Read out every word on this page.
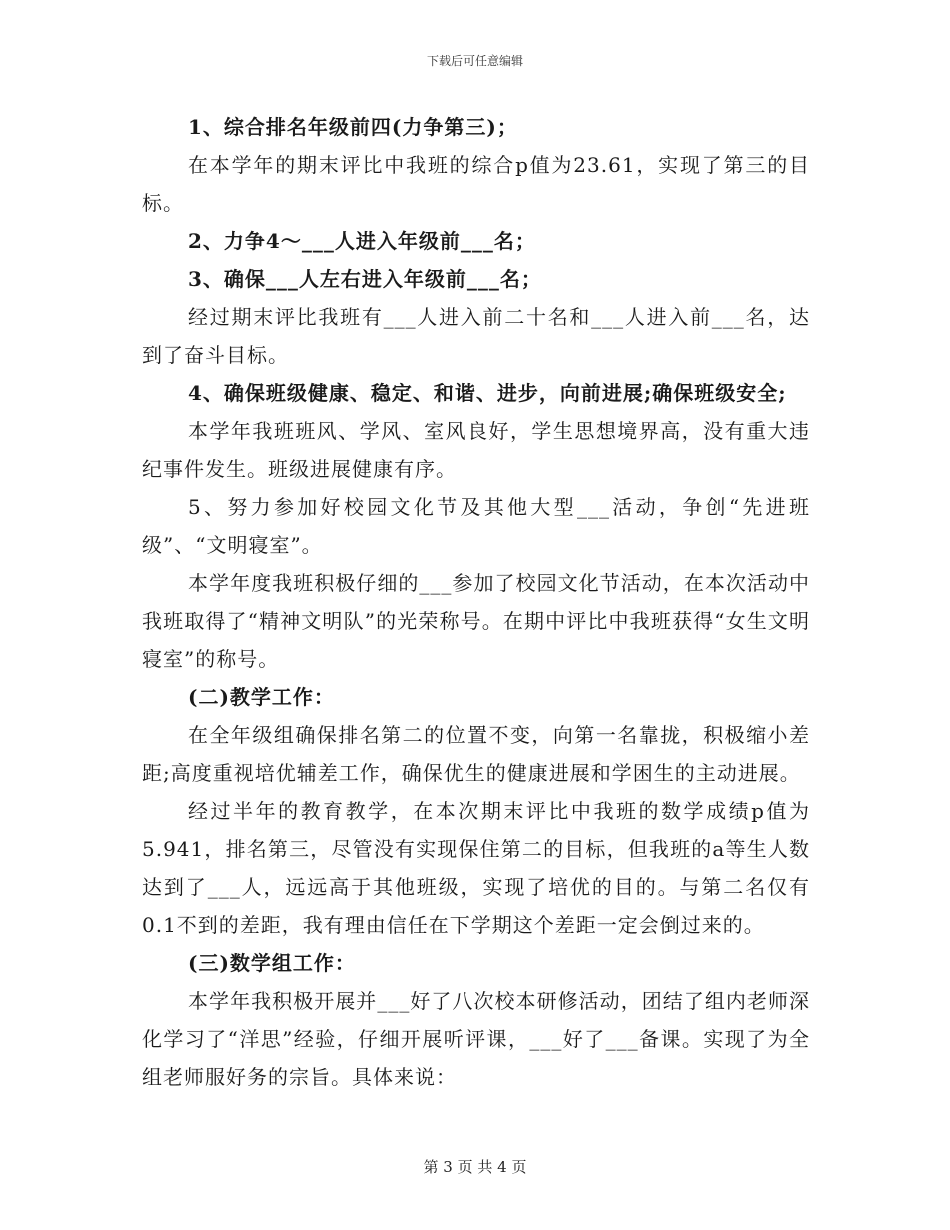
下载后可任意编辑

1、综合排名年级前四(力争第三)；

在本学年的期末评比中我班的综合p值为23.61，实现了第三的目标。

2、力争4～___人进入年级前___名；

3、确保___人左右进入年级前___名；

经过期末评比我班有___人进入前二十名和___人进入前___名，达到了奋斗目标。

4、确保班级健康、稳定、和谐、进步，向前进展;确保班级安全;

本学年我班班风、学风、室风良好，学生思想境界高，没有重大违纪事件发生。班级进展健康有序。

5、努力参加好校园文化节及其他大型___活动，争创“先进班级”、“文明寝室”。

本学年度我班积极仔细的___参加了校园文化节活动，在本次活动中我班取得了“精神文明队”的光荣称号。在期中评比中我班获得“女生文明寝室”的称号。

(二)教学工作：

在全年级组确保排名第二的位置不变，向第一名靠拢，积极缩小差距;高度重视培优辅差工作，确保优生的健康进展和学困生的主动进展。

经过半年的教育教学，在本次期末评比中我班的数学成绩p值为5.941，排名第三，尽管没有实现保住第二的目标，但我班的a等生人数达到了___人，远远高于其他班级，实现了培优的目的。与第二名仅有0.1不到的差距，我有理由信任在下学期这个差距一定会倒过来的。

(三)数学组工作：

本学年我积极开展并___好了八次校本研修活动，团结了组内老师深化学习了“洋思”经验，仔细开展听评课，___好了___备课。实现了为全组老师服好务的宗旨。具体来说：

第 3 页 共 4 页
